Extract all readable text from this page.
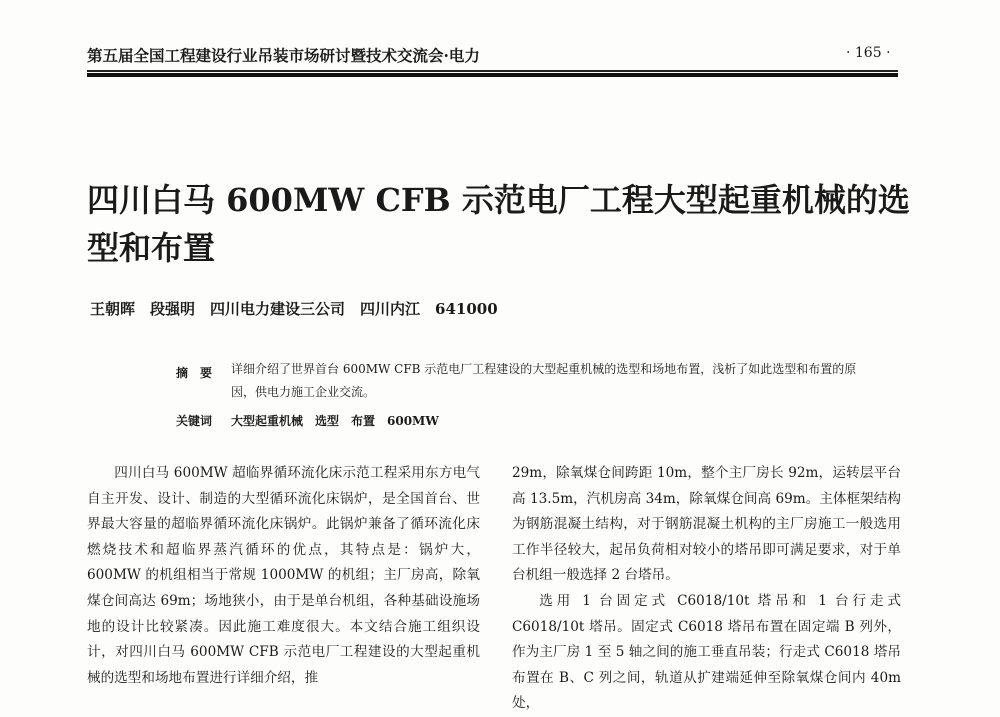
第五届全国工程建设行业吊装市场研讨暨技术交流会·电力	· 165 ·
四川白马 600MW CFB 示范电厂工程大型起重机械的选型和布置
王朝晖　段强明　四川电力建设三公司　四川内江　641000
摘　要 详细介绍了世界首台 600MW CFB 示范电厂工程建设的大型起重机械的选型和场地布置，浅析了如此选型和布置的原因，供电力施工企业交流。
关键词 大型起重机械　选型　布置　600MW

四川白马 600MW 超临界循环流化床示范工程采用东方电气自主开发、设计、制造的大型循环流化床锅炉，是全国首台、世界最大容量的超临界循环流化床锅炉。此锅炉兼备了循环流化床燃烧技术和超临界蒸汽循环的优点，其特点是：锅炉大，600MW 的机组相当于常规 1000MW 的机组；主厂房高，除氧煤仓间高达 69m；场地狭小，由于是单台机组，各种基础设施场地的设计比较紧凑。因此施工难度很大。本文结合施工组织设计，对四川白马 600MW CFB 示范电厂工程建设的大型起重机械的选型和场地布置进行详细介绍，推

29m，除氧煤仓间跨距 10m，整个主厂房长 92m，运转层平台高 13.5m，汽机房高 34m，除氧煤仓间高 69m。主体框架结构为钢筋混凝土结构，对于钢筋混凝土机构的主厂房施工一般选用工作半径较大，起吊负荷相对较小的塔吊即可满足要求，对于单台机组一般选择 2 台塔吊。

选用 1 台固定式 C6018/10t 塔吊和 1 台行走式 C6018/10t 塔吊。固定式 C6018 塔吊布置在固定端 B 列外，作为主厂房 1 至 5 轴之间的施工垂直吊装；行走式 C6018 塔吊布置在 B、C 列之间，轨道从扩建端延伸至除氧煤仓间内 40m 处，
